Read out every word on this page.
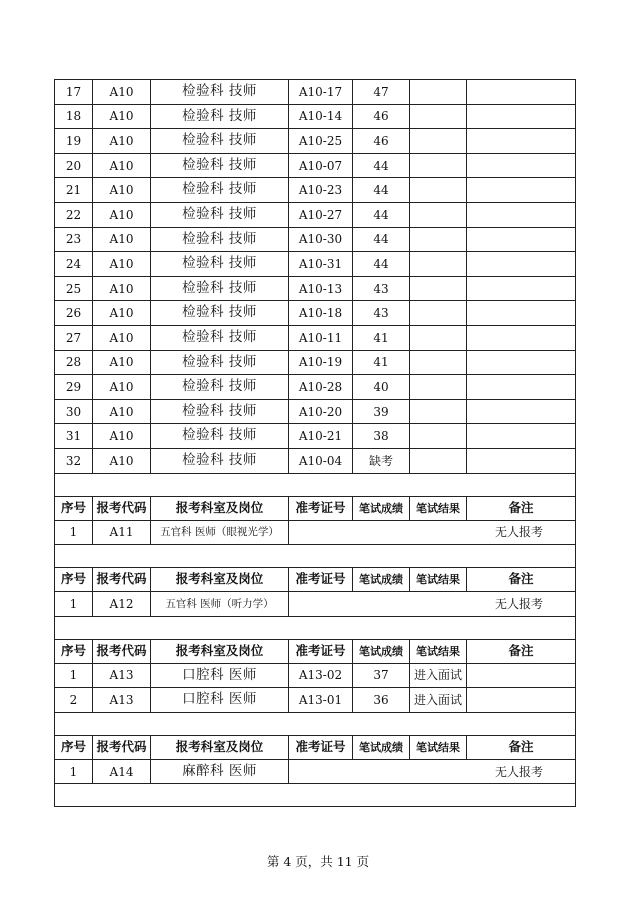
17	A10	检验科 技师	A10-17	47		
18	A10	检验科 技师	A10-14	46		
19	A10	检验科 技师	A10-25	46		
20	A10	检验科 技师	A10-07	44		
21	A10	检验科 技师	A10-23	44		
22	A10	检验科 技师	A10-27	44		
23	A10	检验科 技师	A10-30	44		
24	A10	检验科 技师	A10-31	44		
25	A10	检验科 技师	A10-13	43		
26	A10	检验科 技师	A10-18	43		
27	A10	检验科 技师	A10-11	41		
28	A10	检验科 技师	A10-19	41		
29	A10	检验科 技师	A10-28	40		
30	A10	检验科 技师	A10-20	39		
31	A10	检验科 技师	A10-21	38		
32	A10	检验科 技师	A10-04	缺考		

序号	报考代码	报考科室及岗位	准考证号	笔试成绩	笔试结果	备注
1	A11	五官科 医师（眼视光学）	无人报考			

序号	报考代码	报考科室及岗位	准考证号	笔试成绩	笔试结果	备注
1	A12	五官科 医师（听力学）	无人报考			

序号	报考代码	报考科室及岗位	准考证号	笔试成绩	笔试结果	备注
1	A13	口腔科 医师	A13-02	37	进入面试	
2	A13	口腔科 医师	A13-01	36	进入面试	

序号	报考代码	报考科室及岗位	准考证号	笔试成绩	笔试结果	备注
1	A14	麻醉科 医师	无人报考			

第 4 页，共 11 页
